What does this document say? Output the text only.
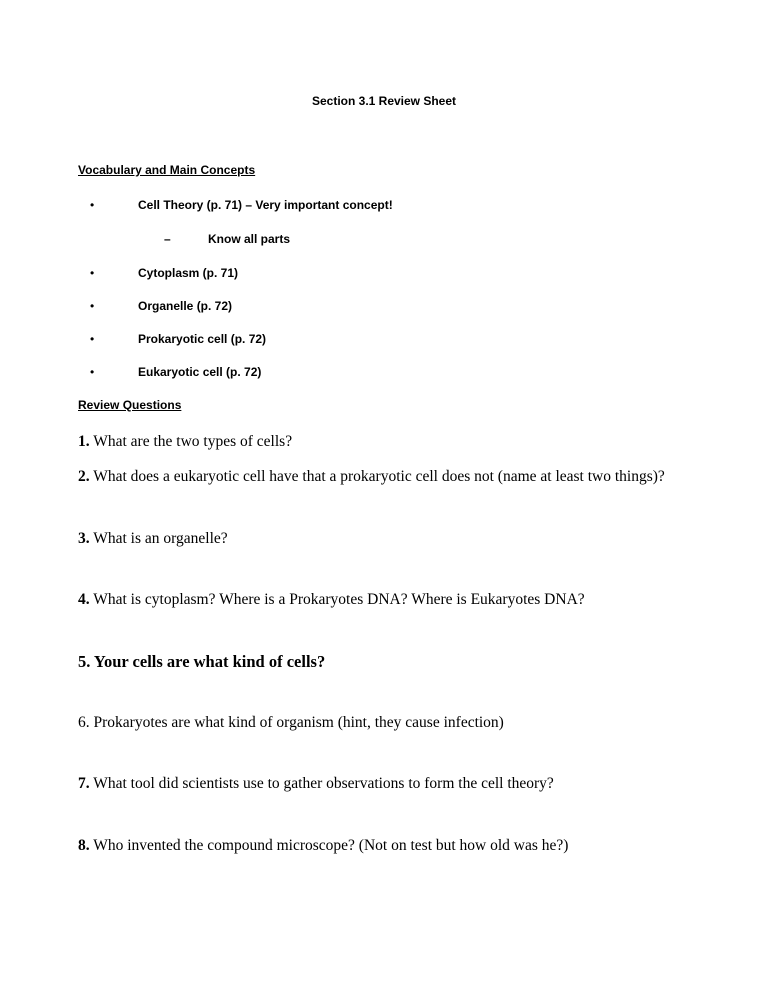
Section 3.1 Review Sheet
Vocabulary and Main Concepts
•	Cell Theory (p. 71) – Very important concept!
–	Know all parts
•	Cytoplasm (p. 71)
•	Organelle (p. 72)
•	Prokaryotic cell (p. 72)
•	Eukaryotic cell (p. 72)
Review Questions
1. What are the two types of cells?
2. What does a eukaryotic cell have that a prokaryotic cell does not (name at least two things)?
3. What is an organelle?
4. What is cytoplasm? Where is a Prokaryotes DNA? Where is Eukaryotes DNA?
5. Your cells are what kind of cells?
6. Prokaryotes are what kind of organism (hint, they cause infection)
7. What tool did scientists use to gather observations to form the cell theory?
8. Who invented the compound microscope? (Not on test but how old was he?)
